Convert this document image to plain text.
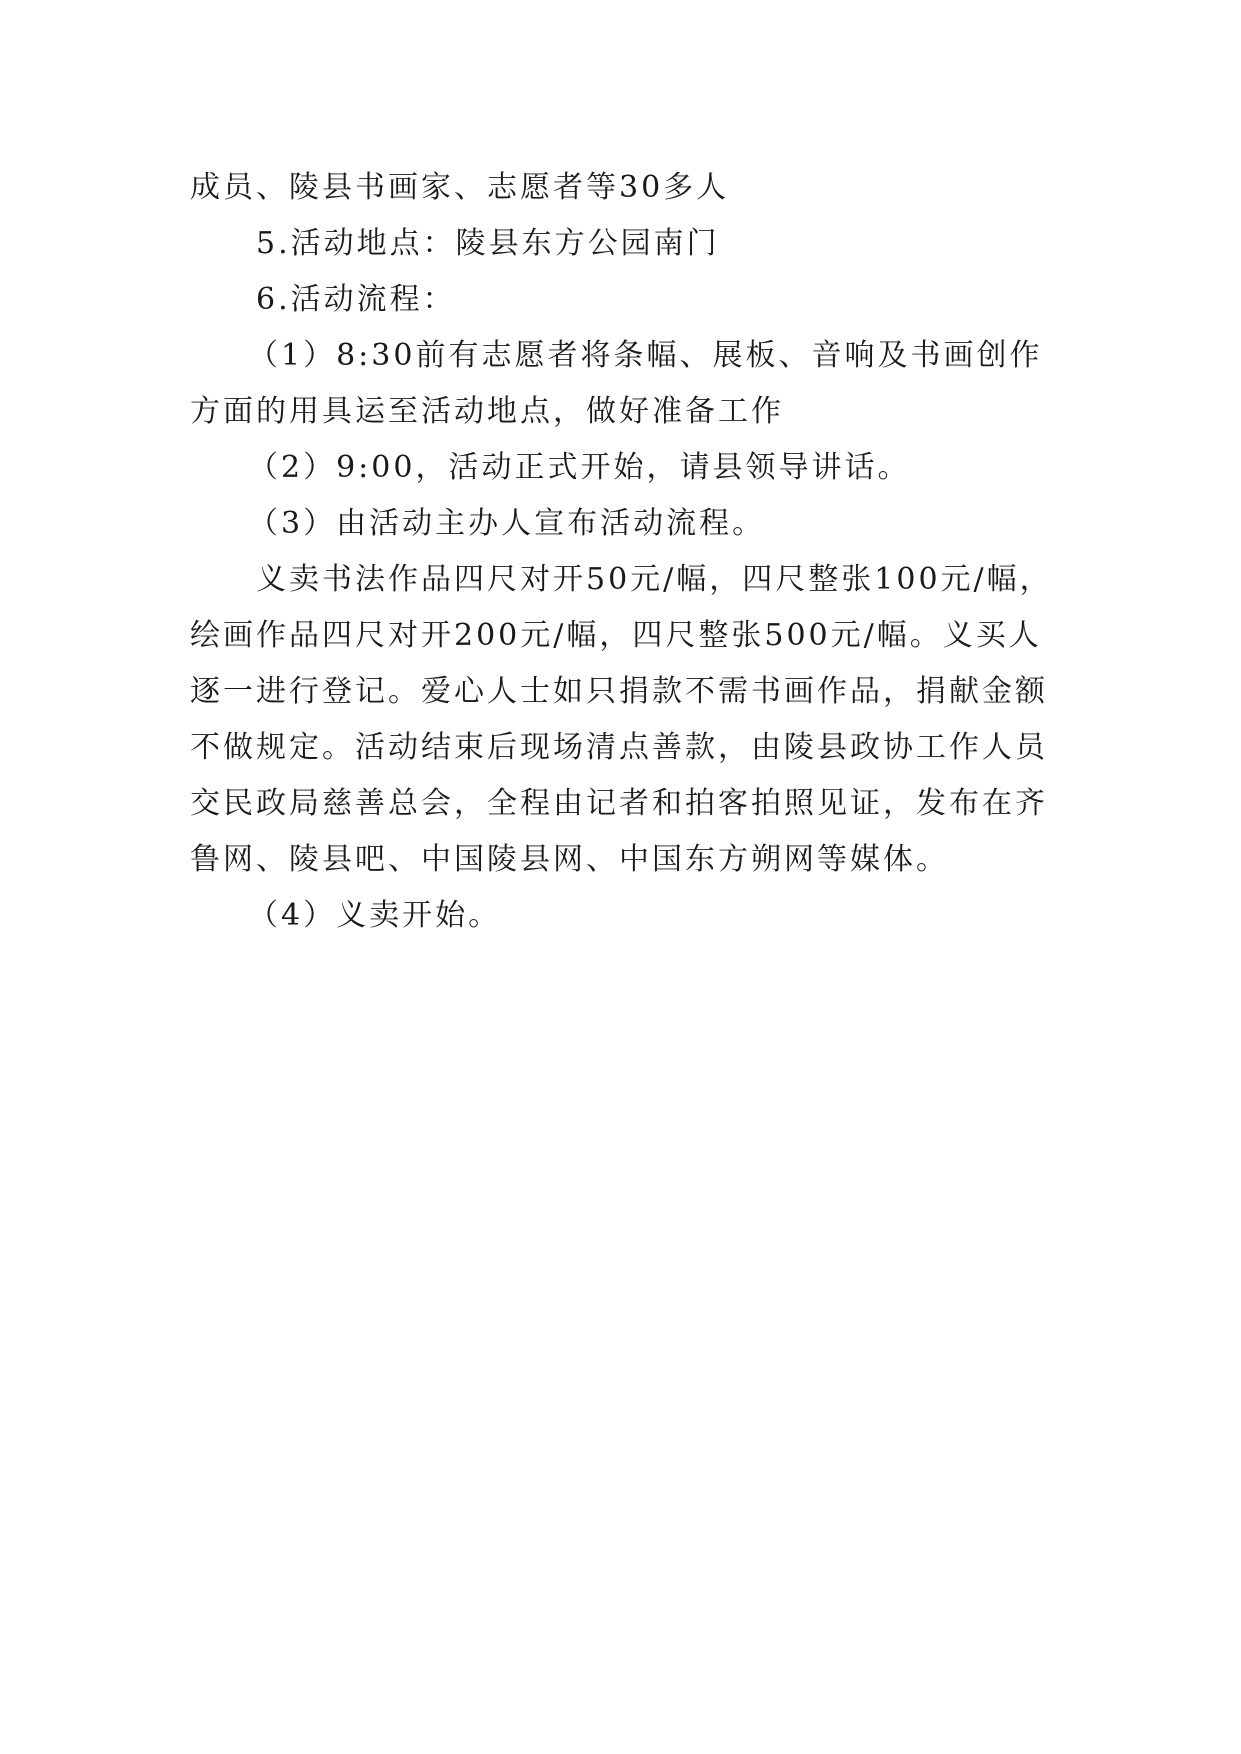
成员、陵县书画家、志愿者等30多人

5.活动地点：陵县东方公园南门

6.活动流程：

（1）8:30前有志愿者将条幅、展板、音响及书画创作

方面的用具运至活动地点，做好准备工作

（2）9:00，活动正式开始，请县领导讲话。

（3）由活动主办人宣布活动流程。

义卖书法作品四尺对开50元/幅，四尺整张100元/幅，

绘画作品四尺对开200元/幅，四尺整张500元/幅。义买人

逐一进行登记。爱心人士如只捐款不需书画作品，捐献金额

不做规定。活动结束后现场清点善款，由陵县政协工作人员

交民政局慈善总会，全程由记者和拍客拍照见证，发布在齐

鲁网、陵县吧、中国陵县网、中国东方朔网等媒体。

（4）义卖开始。
